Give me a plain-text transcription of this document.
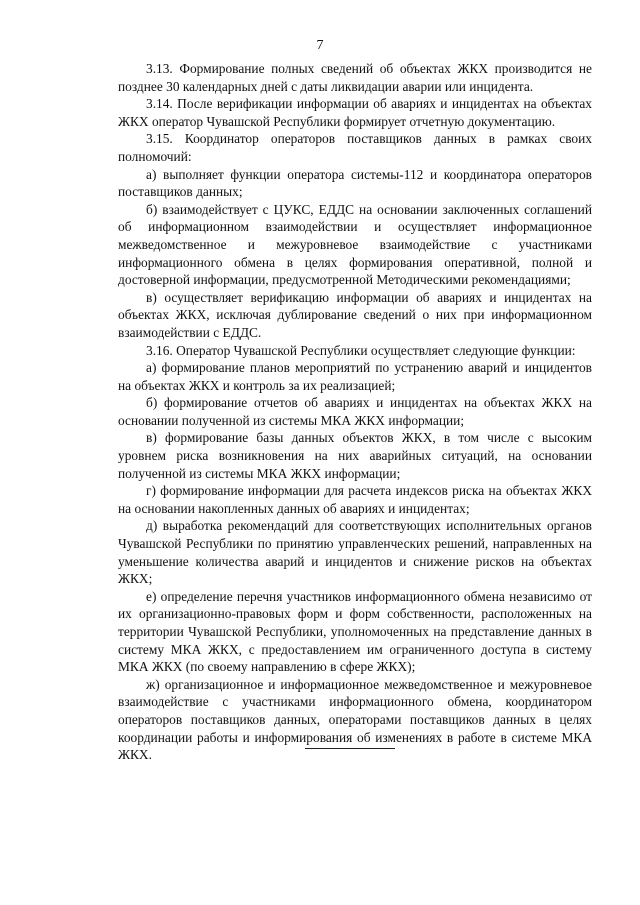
7

3.13. Формирование полных сведений об объектах ЖКХ производится не позднее 30 календарных дней с даты ликвидации аварии или инцидента.

3.14. После верификации информации об авариях и инцидентах на объектах ЖКХ оператор Чувашской Республики формирует отчетную документацию.

3.15. Координатор операторов поставщиков данных в рамках своих полномочий:

а) выполняет функции оператора системы-112 и координатора операторов поставщиков данных;

б) взаимодействует с ЦУКС, ЕДДС на основании заключенных соглашений об информационном взаимодействии и осуществляет информационное межведомственное и межуровневое взаимодействие с участниками информационного обмена в целях формирования оперативной, полной и достоверной информации, предусмотренной Методическими рекомендациями;

в) осуществляет верификацию информации об авариях и инцидентах на объектах ЖКХ, исключая дублирование сведений о них при информационном взаимодействии с ЕДДС.

3.16. Оператор Чувашской Республики осуществляет следующие функции:

а) формирование планов мероприятий по устранению аварий и инцидентов на объектах ЖКХ и контроль за их реализацией;

б) формирование отчетов об авариях и инцидентах на объектах ЖКХ на основании полученной из системы МКА ЖКХ информации;

в) формирование базы данных объектов ЖКХ, в том числе с высоким уровнем риска возникновения на них аварийных ситуаций, на основании полученной из системы МКА ЖКХ информации;

г) формирование информации для расчета индексов риска на объектах ЖКХ на основании накопленных данных об авариях и инцидентах;

д) выработка рекомендаций для соответствующих исполнительных органов Чувашской Республики по принятию управленческих решений, направленных на уменьшение количества аварий и инцидентов и снижение рисков на объектах ЖКХ;

е) определение перечня участников информационного обмена независимо от их организационно-правовых форм и форм собственности, расположенных на территории Чувашской Республики, уполномоченных на представление данных в систему МКА ЖКХ, с предоставлением им ограниченного доступа в систему МКА ЖКХ (по своему направлению в сфере ЖКХ);

ж) организационное и информационное межведомственное и межуровневое взаимодействие с участниками информационного обмена, координатором операторов поставщиков данных, операторами поставщиков данных в целях координации работы и информирования об изменениях в работе в системе МКА ЖКХ.
